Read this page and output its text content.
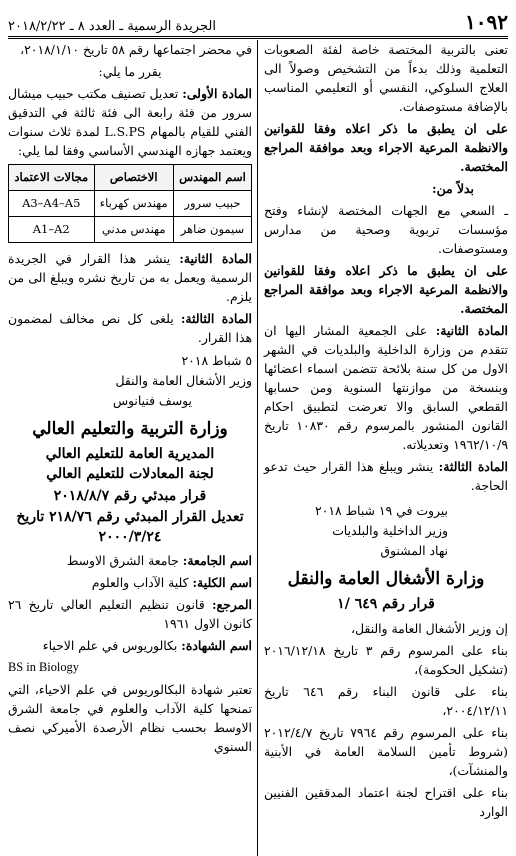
١٠٩٢
الجريدة الرسمية ـ العدد ٨ ـ ٢٠١٨/٢/٢٢

تعنى بالتربية المختصة خاصة لفئة الصعوبات التعلمية وذلك بدءاً من التشخيص وصولاً الى العلاج السلوكي، النفسي أو التعليمي المناسب بالإضافة مستوصفات.

على ان يطبق ما ذكر اعلاه وفقا للقوانين والانظمة المرعية الاجراء وبعد موافقة المراجع المختصة.

بدلاً من:

ـ السعي مع الجهات المختصة لإنشاء وفتح مؤسسات تربوية وصحية من مدارس ومستوصفات.

على ان يطبق ما ذكر اعلاه وفقا للقوانين والانظمة المرعية الاجراء وبعد موافقة المراجع المختصة.

المادة الثانية: على الجمعية المشار اليها ان تتقدم من وزارة الداخلية والبلديات في الشهر الاول من كل سنة بلائحة تتضمن اسماء اعضائها وبنسخة من موازنتها السنوية ومن حسابها القطعي السابق والا تعرضت لتطبيق احكام القانون المنشور بالمرسوم رقم ١٠٨٣٠ تاريخ ١٩٦٢/١٠/٩ وتعديلاته.

المادة الثالثة: ينشر ويبلغ هذا القرار حيث تدعو الحاجة.

بيروت في ١٩ شباط ٢٠١٨

وزير الداخلية والبلديات

نهاد المشنوق

وزارة الأشغال العامة والنقل
قرار رقم ٦٤٩ /١

إن وزير الأشغال العامة والنقل،

بناء على المرسوم رقم ٣ تاريخ ٢٠١٦/١٢/١٨ (تشكيل الحكومة)،

بناء على قانون البناء رقم ٦٤٦ تاريخ ٢٠٠٤/١٢/١١،

بناء على المرسوم رقم ٧٩٦٤ تاريخ ٢٠١٢/٤/٧ (شروط تأمين السلامة العامة في الأبنية والمنشآت)،

بناء على اقتراح لجنة اعتماد المدققين الفنيين الوارد

في محضر اجتماعها رقم ٥٨ تاريخ ٢٠١٨/١/١٠،

يقرر ما يلي:

المادة الأولى: تعديل تصنيف مكتب حبيب ميشال سرور من فئة رابعة الى فئة ثالثة في التدقيق الفني للقيام بالمهام L.S.PS لمدة ثلاث سنوات ويعتمد جهازه الهندسي الأساسي وفقا لما يلي:

اسم المهندس	الاختصاص	مجالات الاعتماد
حبيب سرور	مهندس كهرباء	A3–A4–A5
سيمون ضاهر	مهندس مدني	A1–A2

المادة الثانية: ينشر هذا القرار في الجريدة الرسمية ويعمل به من تاريخ نشره ويبلغ الى من يلزم.

المادة الثالثة: يلغى كل نص مخالف لمضمون هذا القرار.

٥ شباط ٢٠١٨

وزير الأشغال العامة والنقل

يوسف فنيانوس

وزارة التربية والتعليم العالي

المديرية العامة للتعليم العالي

لجنة المعادلات للتعليم العالي

قرار مبدئي رقم ٢٠١٨/٨/٧

تعديل القرار المبدئي رقم ٢١٨/٧٦ تاريخ ٢٠٠٠/٣/٢٤

اسم الجامعة: جامعة الشرق الاوسط

اسم الكلية: كلية الآداب والعلوم

المرجع: قانون تنظيم التعليم العالي تاريخ ٢٦ كانون الاول ١٩٦١

اسم الشهادة: بكالوريوس في علم الاحياء

BS in Biology

تعتبر شهادة البكالوريوس في علم الاحياء، التي تمنحها كلية الآداب والعلوم في جامعة الشرق الاوسط بحسب نظام الأرصدة الأميركي نصف السنوي
